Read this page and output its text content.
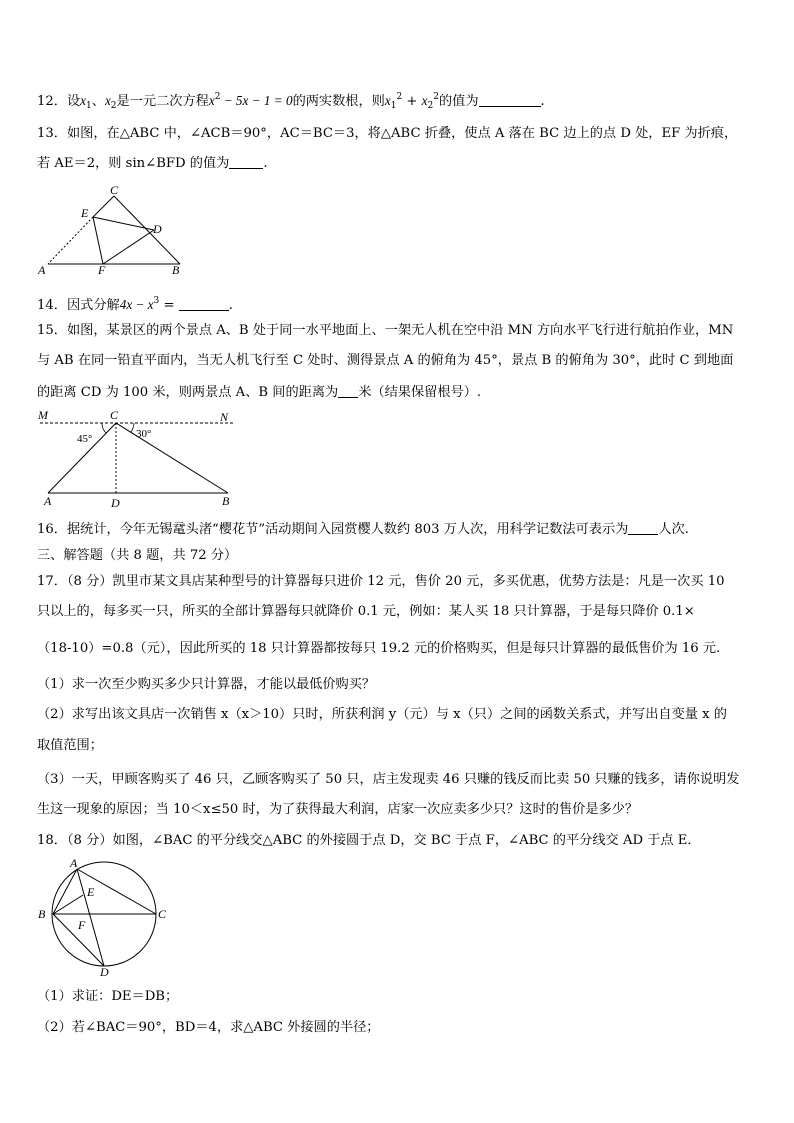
12．设$x_1$、$x_2$是一元二次方程$x^2 - 5x - 1 = 0$的两实数根，则$x_1^2 + x_2^2$的值为	.
13．如图，在△ABC 中，∠ACB＝90°，AC＝BC＝3，将△ABC 折叠，使点 A 落在 BC 边上的点 D 处，EF 为折痕，
若 AE＝2，则 sin∠BFD 的值为	.
C
E
D
A	F	B
14．因式分解$4x - x^3$ =	.
15．如图，某景区的两个景点 A、B 处于同一水平地面上、一架无人机在空中沿 MN 方向水平飞行进行航拍作业，MN
与 AB 在同一铅直平面内，当无人机飞行至 C 处时、测得景点 A 的俯角为 45°，景点 B 的俯角为 30°，此时 C 到地面
的距离 CD 为 100 米，则两景点 A、B 间的距离为 米（结果保留根号）.
M	C	N
45°	30°
A	D	B
16．据统计，今年无锡鼋头渚“樱花节”活动期间入园赏樱人数约 803 万人次，用科学记数法可表示为 人次.
三、解答题（共 8 题，共 72 分）
17．（8 分）凯里市某文具店某种型号的计算器每只进价 12 元，售价 20 元，多买优惠，优势方法是：凡是一次买 10
只以上的，每多买一只，所买的全部计算器每只就降价 0.1 元，例如：某人买 18 只计算器，于是每只降价 0.1×
（18-10）=0.8（元），因此所买的 18 只计算器都按每只 19.2 元的价格购买，但是每只计算器的最低售价为 16 元.
（1）求一次至少购买多少只计算器，才能以最低价购买？
（2）求写出该文具店一次销售 x（x＞10）只时，所获利润 y（元）与 x（只）之间的函数关系式，并写出自变量 x 的
取值范围；
（3）一天，甲顾客购买了 46 只，乙顾客购买了 50 只，店主发现卖 46 只赚的钱反而比卖 50 只赚的钱多，请你说明发
生这一现象的原因；当 10＜x≤50 时，为了获得最大利润，店家一次应卖多少只？这时的售价是多少？
18．（8 分）如图，∠BAC 的平分线交△ABC 的外接圆于点 D，交 BC 于点 F，∠ABC 的平分线交 AD 于点 E．
A
E
B	C
F
D
（1）求证：DE＝DB；
（2）若∠BAC＝90°，BD＝4，求△ABC 外接圆的半径；
